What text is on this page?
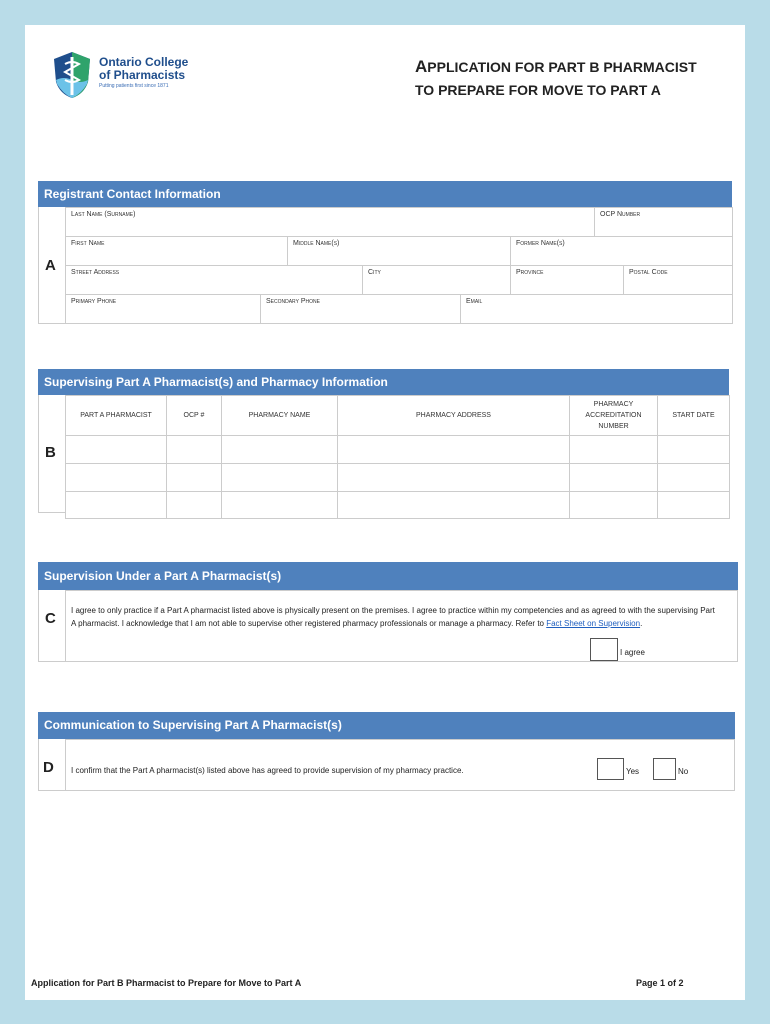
Ontario College
of Pharmacists
Putting patients first since 1871
APPLICATION FOR PART B PHARMACIST
TO PREPARE FOR MOVE TO PART A
Registrant Contact Information
A
Last Name (Surname)	OCP Number
First Name	Middle Name(s)	Former Name(s)
Street Address	City	Province	Postal Code
Primary Phone	Secondary Phone	Email
Supervising Part A Pharmacist(s) and Pharmacy Information
B
PART A PHARMACIST	OCP #	PHARMACY NAME	PHARMACY ADDRESS	PHARMACY ACCREDITATION NUMBER	START DATE

Supervision Under a Part A Pharmacist(s)
C I agree to only practice if a Part A pharmacist listed above is physically present on the premises. I agree to practice within my competencies and as agreed to with the supervising Part A pharmacist. I acknowledge that I am not able to supervise other registered pharmacy professionals or manage a pharmacy. Refer to Fact Sheet on Supervision.
I agree
Communication to Supervising Part A Pharmacist(s)
D I confirm that the Part A pharmacist(s) listed above has agreed to provide supervision of my pharmacy practice.	Yes	No
Application for Part B Pharmacist to Prepare for Move to Part A	Page 1 of 2
